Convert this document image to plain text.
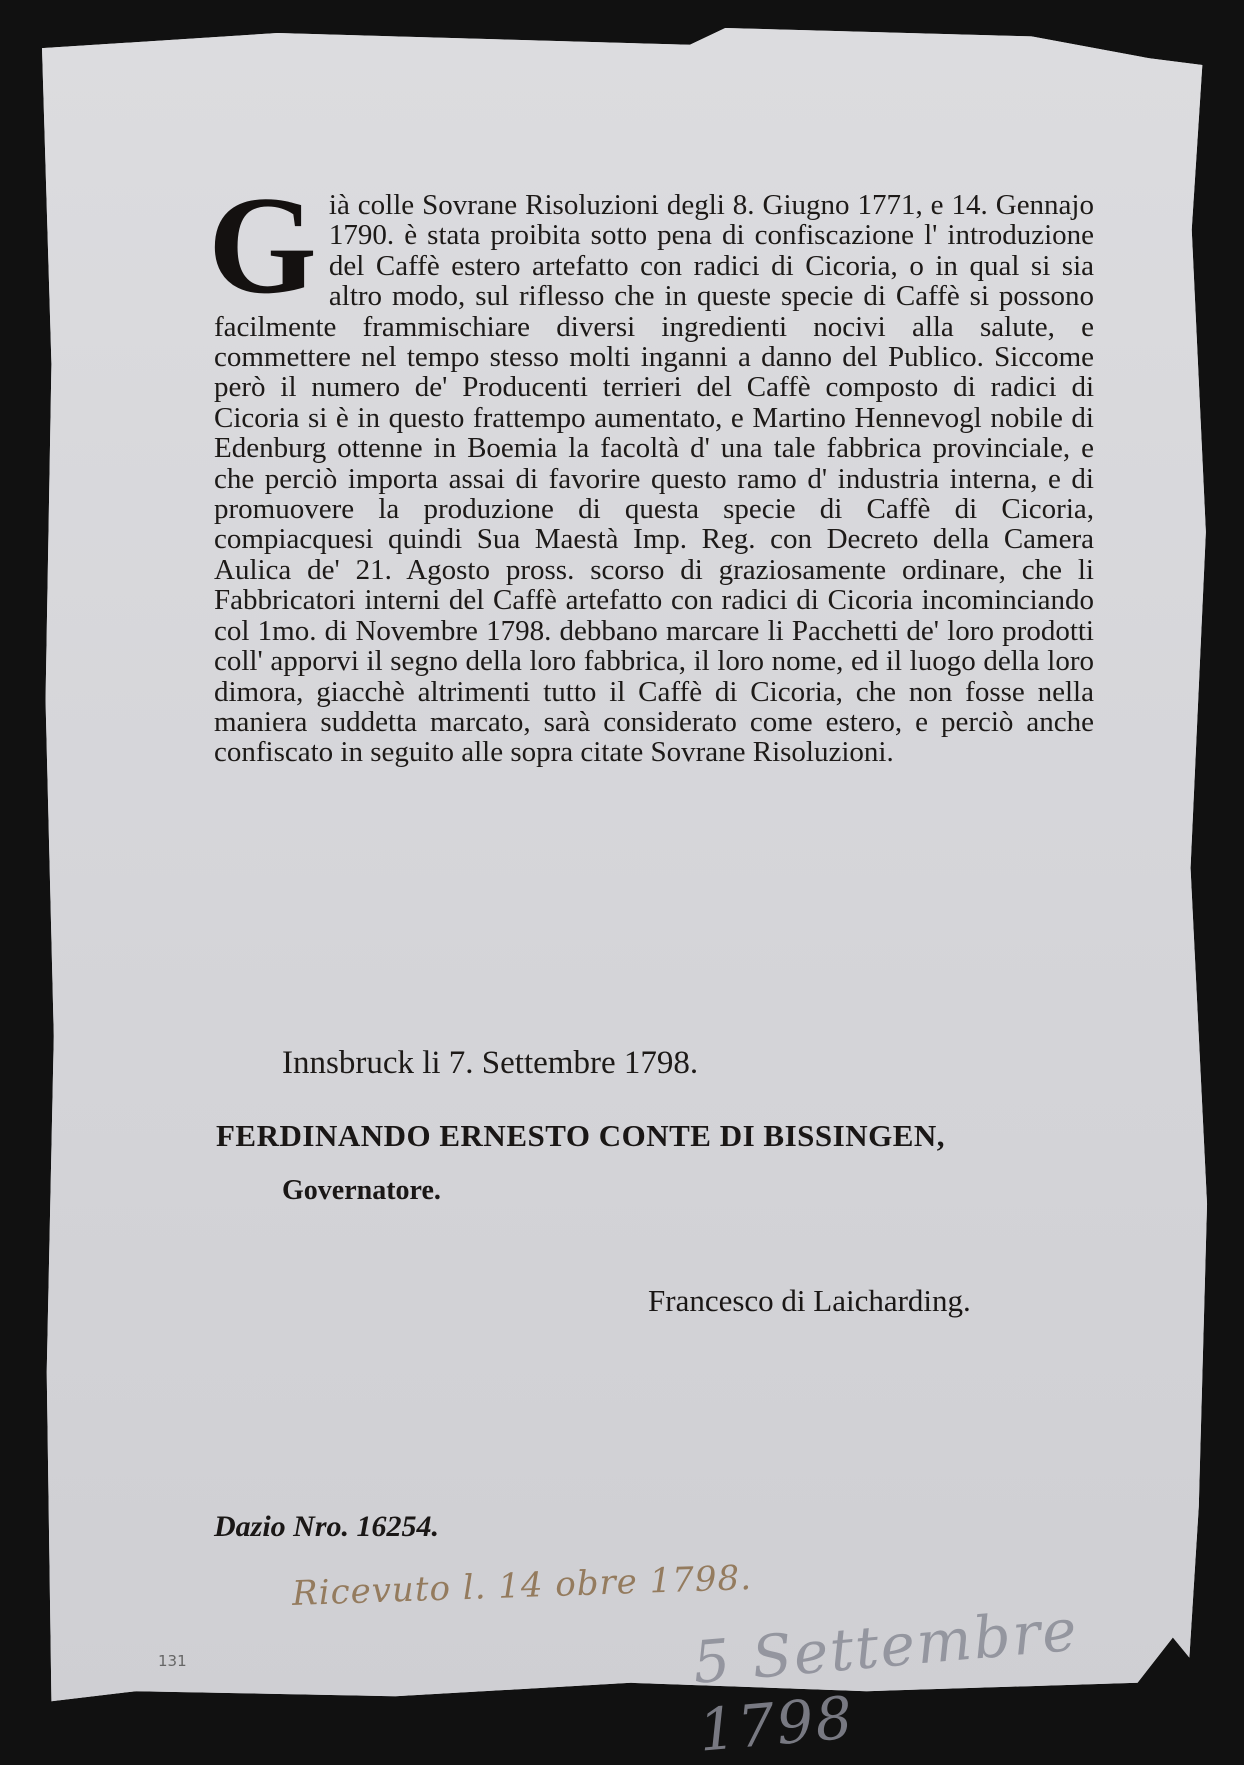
Già colle Sovrane Risoluzioni degli 8. Giugno 1771, e 14. Gennajo 1790. è stata proibita sotto pena di confiscazione l' introduzione del Caffè estero artefatto con radici di Cicoria, o in qual si sia altro modo, sul riflesso che in queste specie di Caffè si possono facilmente frammischiare diversi ingredienti nocivi alla salute, e commettere nel tempo stesso molti inganni a danno del Publico. Siccome però il numero de' Producenti terrieri del Caffè composto di radici di Cicoria si è in questo frattempo aumentato, e Martino Hennevogl nobile di Edenburg ottenne in Boemia la facoltà d' una tale fabbrica provinciale, e che perciò importa assai di favorire questo ramo d' industria interna, e di promuovere la produzione di questa specie di Caffè di Cicoria, compiacquesi quindi Sua Maestà Imp. Reg. con Decreto della Camera Aulica de' 21. Agosto pross. scorso di graziosamente ordinare, che li Fabbricatori interni del Caffè artefatto con radici di Cicoria incominciando col 1mo. di Novembre 1798. debbano marcare li Pacchetti de' loro prodotti coll' apporvi il segno della loro fabbrica, il loro nome, ed il luogo della loro dimora, giacchè altrimenti tutto il Caffè di Cicoria, che non fosse nella maniera suddetta marcato, sarà considerato come estero, e perciò anche confiscato in seguito alle sopra citate Sovrane Risoluzioni.
Innsbruck li 7. Settembre 1798.
FERDINANDO ERNESTO CONTE DI BISSINGEN,
Governatore.
Francesco di Laicharding.
Dazio Nro. 16254.
Ricevuto l. 14 obre 1798.
5 Settembre 1798
131
